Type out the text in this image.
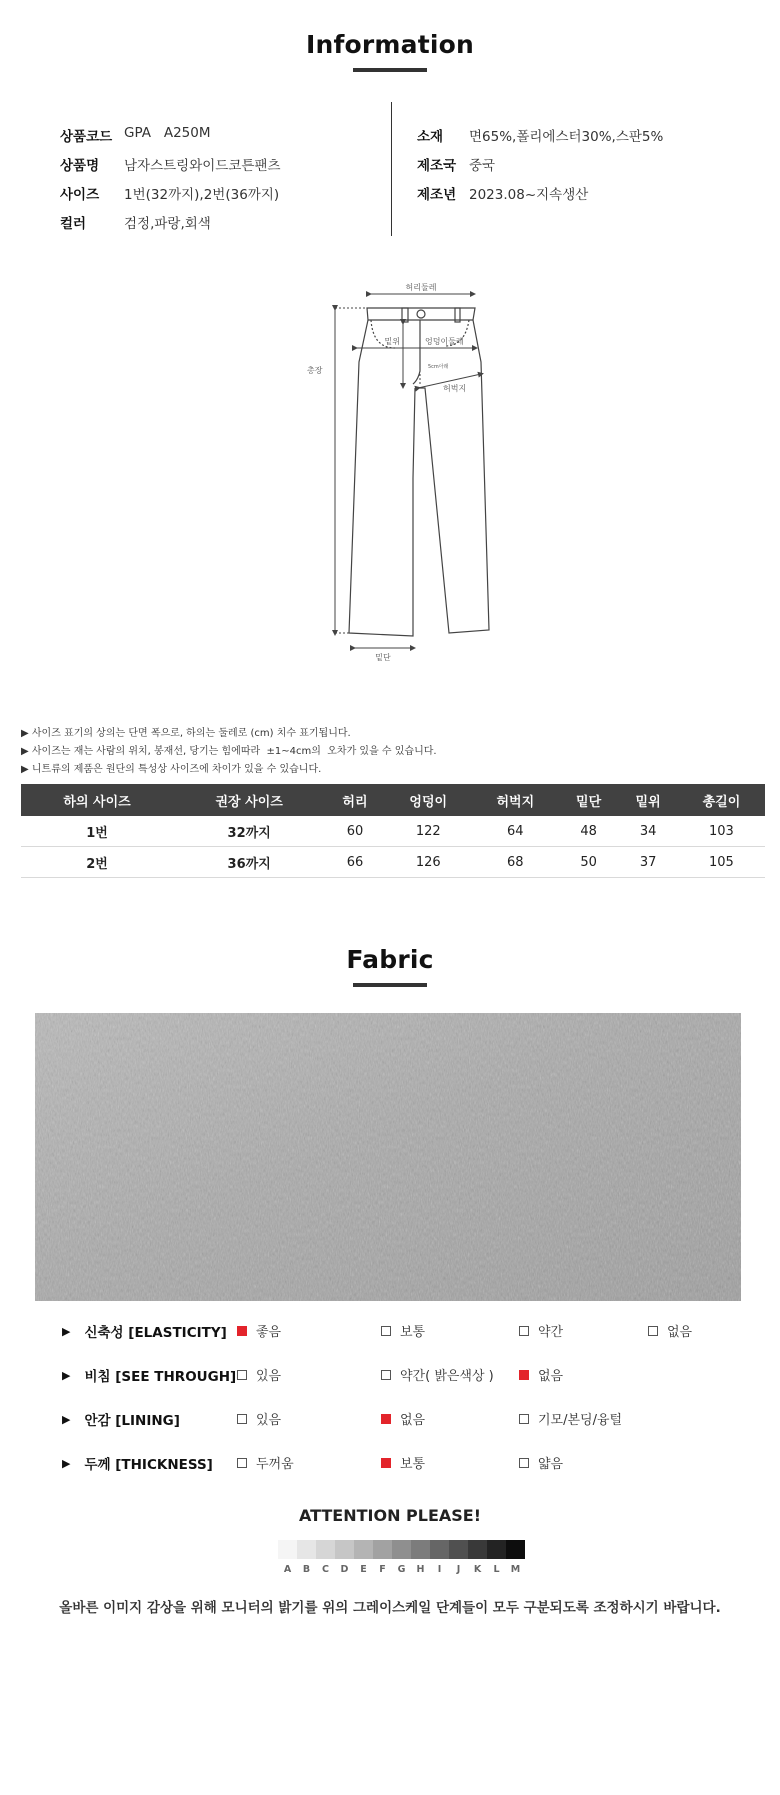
Information
상품코드 GPA   A250M
상품명	남자스트링와이드코튼팬츠
사이즈	1번(32까지),2번(36까지)
컬러	검정,파랑,회색
소재	면65%,폴리에스터30%,스판5%
제조국 중국
제조년 2023.08~지속생산
허리둘레
밑위	엉덩이둘레
5cm아래
허벅지
총장
밑단
▶ 사이즈 표기의 상의는 단면 폭으로, 하의는 둘레로 (cm) 치수 표기됩니다.
▶ 사이즈는 재는 사람의 위치, 봉재선, 당기는 힘에따라  ±1~4cm의  오차가 있을 수 있습니다.
▶ 니트류의 제품은 원단의 특성상 사이즈에 차이가 있을 수 있습니다.
하의 사이즈	권장 사이즈	허리	엉덩이	허벅지	밑단	밑위	총길이
1번	32까지	60	122	64	48	34	103
2번	36까지	66	126	68	50	37	105
Fabric
▶ 신축성 [ELASTICITY] 좋음	보통	약간	없음
▶ 비침 [SEE THROUGH] 있음	약간( 밝은색상 )	없음
▶ 안감 [LINING]	있음	없음	기모/본딩/융털
▶ 두께 [THICKNESS]	두꺼움	보통	얇음
ATTENTION PLEASE!
A	B	C	D	E	F	G	H	I	J	K	L	M
올바른 이미지 감상을 위해 모니터의 밝기를 위의 그레이스케일 단계들이 모두 구분되도록 조정하시기 바랍니다.
